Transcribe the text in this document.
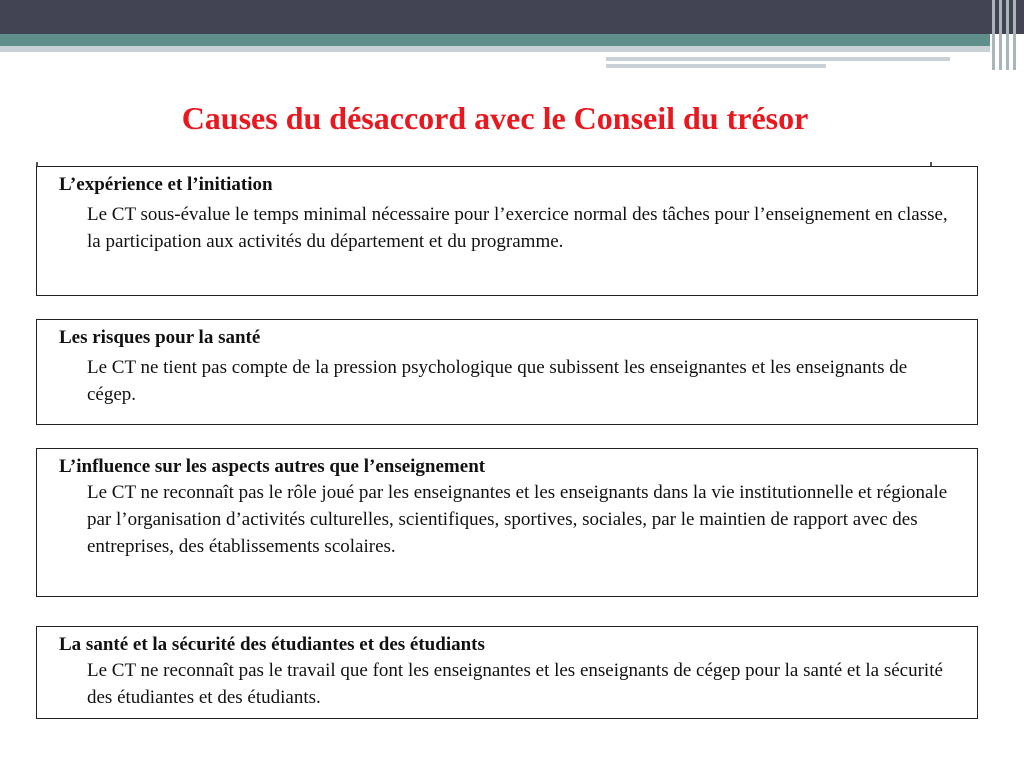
Causes du désaccord avec le Conseil du trésor
L’expérience et l’initiation

Le CT sous-évalue le temps minimal nécessaire pour l’exercice normal des tâches pour l’enseignement en classe, la participation aux activités du département et du programme.

Les risques pour la santé

Le CT ne tient pas compte de la pression psychologique que subissent les enseignantes et les enseignants de cégep.

L’influence sur les aspects autres que l’enseignement

Le CT ne reconnaît pas le rôle joué par les enseignantes et les enseignants dans la vie institutionnelle et régionale par l’organisation d’activités culturelles, scientifiques, sportives, sociales, par le maintien de rapport avec des entreprises, des établissements scolaires.

La santé et la sécurité des étudiantes et des étudiants

Le CT ne reconnaît pas le travail que font les enseignantes et les enseignants de cégep pour la santé et la sécurité des étudiantes et des étudiants.
